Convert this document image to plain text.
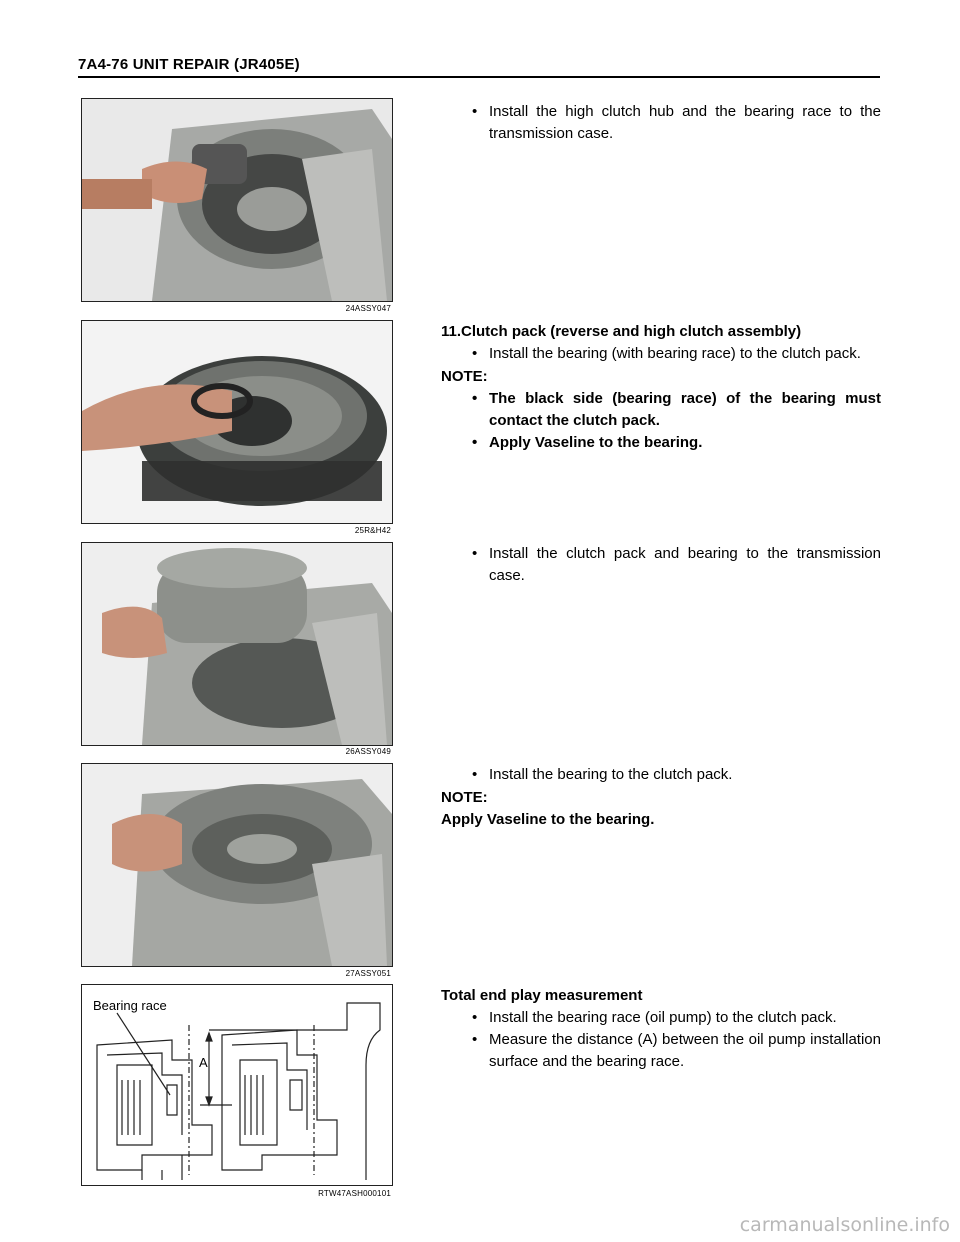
7A4-76 UNIT REPAIR (JR405E)
24ASSY047
• Install the high clutch hub and the bearing race to the transmission case.
25R&H42
11.Clutch pack (reverse and high clutch assembly)
• Install the bearing (with bearing race) to the clutch pack.
NOTE:
• The black side (bearing race) of the bearing must contact the clutch pack.
• Apply Vaseline to the bearing.
26ASSY049
• Install the clutch pack and bearing to the transmission case.
27ASSY051
• Install the bearing to the clutch pack.
NOTE:
Apply Vaseline to the bearing.
Bearing race
A
RTW47ASH000101
Total end play measurement
• Install the bearing race (oil pump) to the clutch pack.
• Measure the distance (A) between the oil pump installation surface and the bearing race.
carmanualsonline.info
